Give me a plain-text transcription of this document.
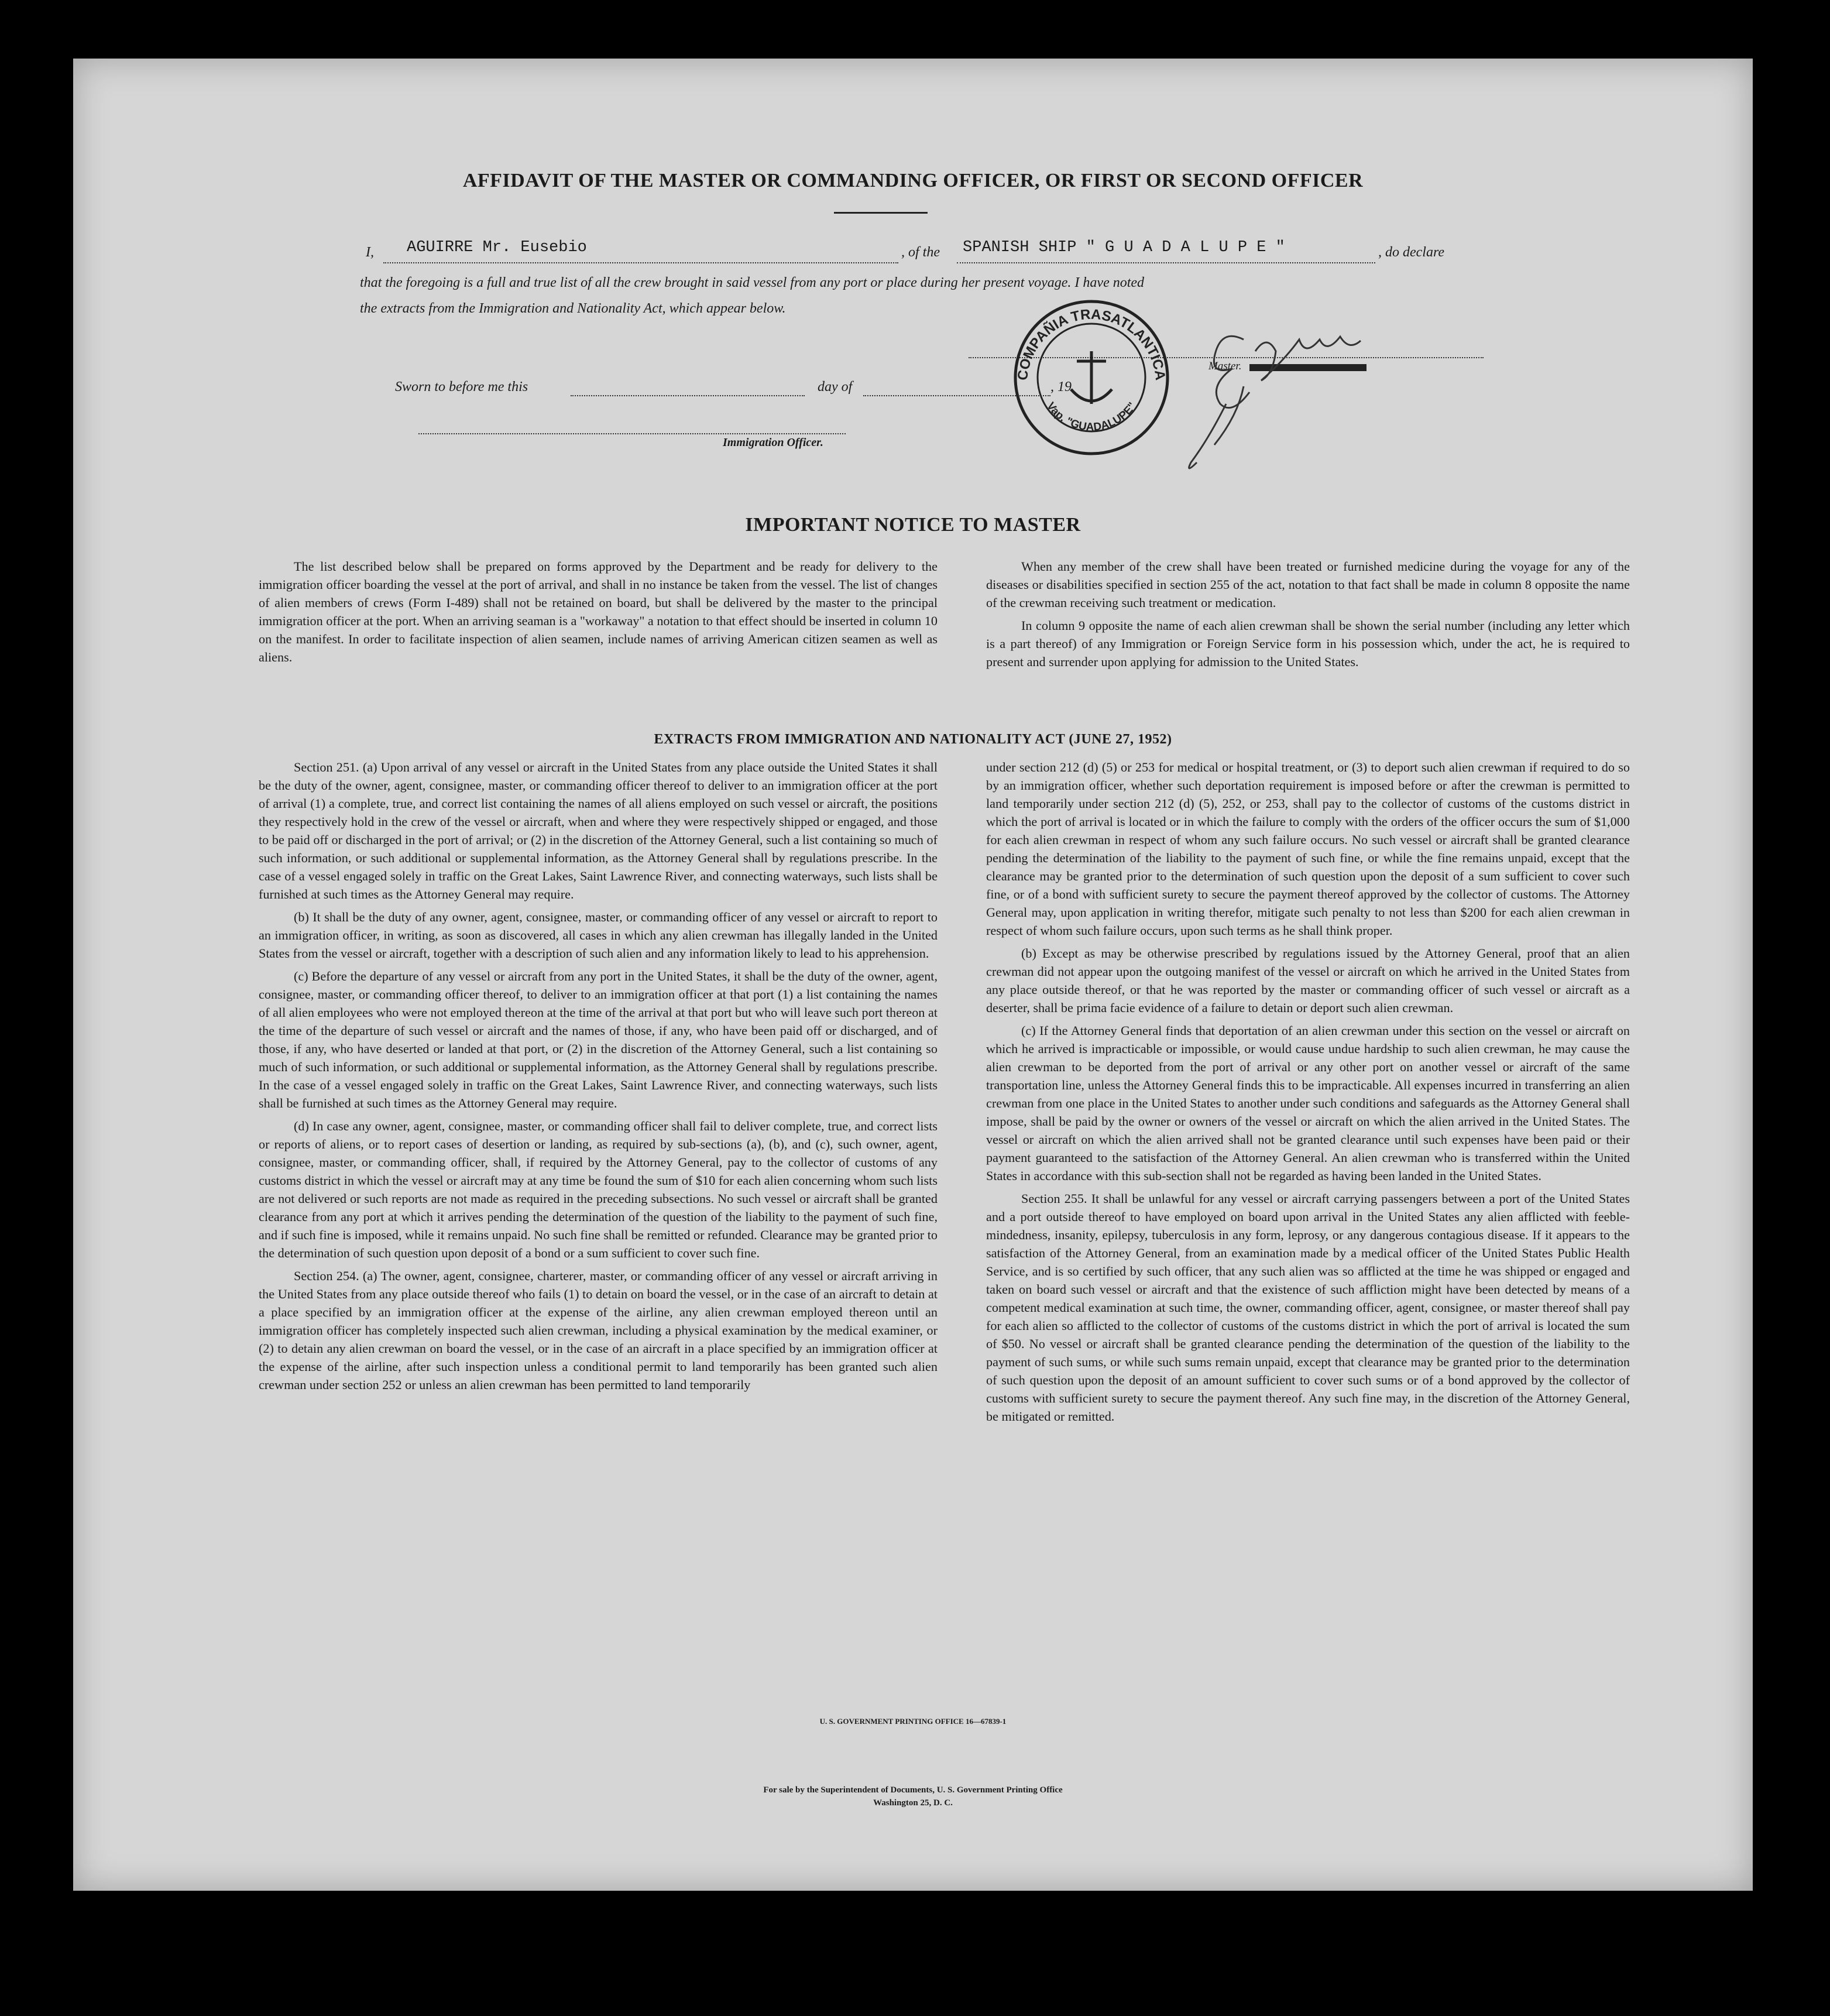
AFFIDAVIT OF THE MASTER OR COMMANDING OFFICER, OR FIRST OR SECOND OFFICER
I, AGUIRRE Mr. Eusebio	, of the SPANISH SHIP " G U A D A L U P E "	, do declare
that the foregoing is a full and true list of all the crew brought in said vessel from any port or place during her present voyage. I have noted
the extracts from the Immigration and Nationality Act, which appear below.
Master.
Sworn to before me this	day of	, 19
Immigration Officer.
COMPAÑIA TRASATLANTICA
Vap. "GUADALUPE"
IMPORTANT NOTICE TO MASTER

The list described below shall be prepared on forms approved by the Department and be ready for delivery to the immigration officer boarding the vessel at the port of arrival, and shall in no instance be taken from the vessel. The list of changes of alien members of crews (Form I-489) shall not be retained on board, but shall be delivered by the master to the principal immigration officer at the port. When an arriving seaman is a "workaway" a notation to that effect should be inserted in column 10 on the manifest. In order to facilitate inspection of alien seamen, include names of arriving American citizen seamen as well as aliens.

When any member of the crew shall have been treated or furnished medicine during the voyage for any of the diseases or disabilities specified in section 255 of the act, notation to that fact shall be made in column 8 opposite the name of the crewman receiving such treatment or medication.

In column 9 opposite the name of each alien crewman shall be shown the serial number (including any letter which is a part thereof) of any Immigration or Foreign Service form in his possession which, under the act, he is required to present and surrender upon applying for admission to the United States.

EXTRACTS FROM IMMIGRATION AND NATIONALITY ACT (JUNE 27, 1952)

Section 251. (a) Upon arrival of any vessel or aircraft in the United States from any place outside the United States it shall be the duty of the owner, agent, consignee, master, or commanding officer thereof to deliver to an immigration officer at the port of arrival (1) a complete, true, and correct list containing the names of all aliens employed on such vessel or aircraft, the positions they respectively hold in the crew of the vessel or aircraft, when and where they were respectively shipped or engaged, and those to be paid off or discharged in the port of arrival; or (2) in the discretion of the Attorney General, such a list containing so much of such information, or such additional or supplemental information, as the Attorney General shall by regulations prescribe. In the case of a vessel engaged solely in traffic on the Great Lakes, Saint Lawrence River, and connecting waterways, such lists shall be furnished at such times as the Attorney General may require.

(b) It shall be the duty of any owner, agent, consignee, master, or commanding officer of any vessel or aircraft to report to an immigration officer, in writing, as soon as discovered, all cases in which any alien crewman has illegally landed in the United States from the vessel or aircraft, together with a description of such alien and any information likely to lead to his apprehension.

(c) Before the departure of any vessel or aircraft from any port in the United States, it shall be the duty of the owner, agent, consignee, master, or commanding officer thereof, to deliver to an immigration officer at that port (1) a list containing the names of all alien employees who were not employed thereon at the time of the arrival at that port but who will leave such port thereon at the time of the departure of such vessel or aircraft and the names of those, if any, who have been paid off or discharged, and of those, if any, who have deserted or landed at that port, or (2) in the discretion of the Attorney General, such a list containing so much of such information, or such additional or supplemental information, as the Attorney General shall by regulations prescribe. In the case of a vessel engaged solely in traffic on the Great Lakes, Saint Lawrence River, and connecting waterways, such lists shall be furnished at such times as the Attorney General may require.

(d) In case any owner, agent, consignee, master, or commanding officer shall fail to deliver complete, true, and correct lists or reports of aliens, or to report cases of desertion or landing, as required by sub-sections (a), (b), and (c), such owner, agent, consignee, master, or commanding officer, shall, if required by the Attorney General, pay to the collector of customs of any customs district in which the vessel or aircraft may at any time be found the sum of $10 for each alien concerning whom such lists are not delivered or such reports are not made as required in the preceding subsections. No such vessel or aircraft shall be granted clearance from any port at which it arrives pending the determination of the question of the liability to the payment of such fine, and if such fine is imposed, while it remains unpaid. No such fine shall be remitted or refunded. Clearance may be granted prior to the determination of such question upon deposit of a bond or a sum sufficient to cover such fine.

Section 254. (a) The owner, agent, consignee, charterer, master, or commanding officer of any vessel or aircraft arriving in the United States from any place outside thereof who fails (1) to detain on board the vessel, or in the case of an aircraft to detain at a place specified by an immigration officer at the expense of the airline, any alien crewman employed thereon until an immigration officer has completely inspected such alien crewman, including a physical examination by the medical examiner, or (2) to detain any alien crewman on board the vessel, or in the case of an aircraft in a place specified by an immigration officer at the expense of the airline, after such inspection unless a conditional permit to land temporarily has been granted such alien crewman under section 252 or unless an alien crewman has been permitted to land temporarily

under section 212 (d) (5) or 253 for medical or hospital treatment, or (3) to deport such alien crewman if required to do so by an immigration officer, whether such deportation requirement is imposed before or after the crewman is permitted to land temporarily under section 212 (d) (5), 252, or 253, shall pay to the collector of customs of the customs district in which the port of arrival is located or in which the failure to comply with the orders of the officer occurs the sum of $1,000 for each alien crewman in respect of whom any such failure occurs. No such vessel or aircraft shall be granted clearance pending the determination of the liability to the payment of such fine, or while the fine remains unpaid, except that the clearance may be granted prior to the determination of such question upon the deposit of a sum sufficient to cover such fine, or of a bond with sufficient surety to secure the payment thereof approved by the collector of customs. The Attorney General may, upon application in writing therefor, mitigate such penalty to not less than $200 for each alien crewman in respect of whom such failure occurs, upon such terms as he shall think proper.

(b) Except as may be otherwise prescribed by regulations issued by the Attorney General, proof that an alien crewman did not appear upon the outgoing manifest of the vessel or aircraft on which he arrived in the United States from any place outside thereof, or that he was reported by the master or commanding officer of such vessel or aircraft as a deserter, shall be prima facie evidence of a failure to detain or deport such alien crewman.

(c) If the Attorney General finds that deportation of an alien crewman under this section on the vessel or aircraft on which he arrived is impracticable or impossible, or would cause undue hardship to such alien crewman, he may cause the alien crewman to be deported from the port of arrival or any other port on another vessel or aircraft of the same transportation line, unless the Attorney General finds this to be impracticable. All expenses incurred in transferring an alien crewman from one place in the United States to another under such conditions and safeguards as the Attorney General shall impose, shall be paid by the owner or owners of the vessel or aircraft on which the alien arrived in the United States. The vessel or aircraft on which the alien arrived shall not be granted clearance until such expenses have been paid or their payment guaranteed to the satisfaction of the Attorney General. An alien crewman who is transferred within the United States in accordance with this sub-section shall not be regarded as having been landed in the United States.

Section 255. It shall be unlawful for any vessel or aircraft carrying passengers between a port of the United States and a port outside thereof to have employed on board upon arrival in the United States any alien afflicted with feeble-mindedness, insanity, epilepsy, tuberculosis in any form, leprosy, or any dangerous contagious disease. If it appears to the satisfaction of the Attorney General, from an examination made by a medical officer of the United States Public Health Service, and is so certified by such officer, that any such alien was so afflicted at the time he was shipped or engaged and taken on board such vessel or aircraft and that the existence of such affliction might have been detected by means of a competent medical examination at such time, the owner, commanding officer, agent, consignee, or master thereof shall pay for each alien so afflicted to the collector of customs of the customs district in which the port of arrival is located the sum of $50. No vessel or aircraft shall be granted clearance pending the determination of the question of the liability to the payment of such sums, or while such sums remain unpaid, except that clearance may be granted prior to the determination of such question upon the deposit of an amount sufficient to cover such sums or of a bond approved by the collector of customs with sufficient surety to secure the payment thereof. Any such fine may, in the discretion of the Attorney General, be mitigated or remitted.

U. S. GOVERNMENT PRINTING OFFICE 16—67839-1
For sale by the Superintendent of Documents, U. S. Government Printing Office
Washington 25, D. C.
